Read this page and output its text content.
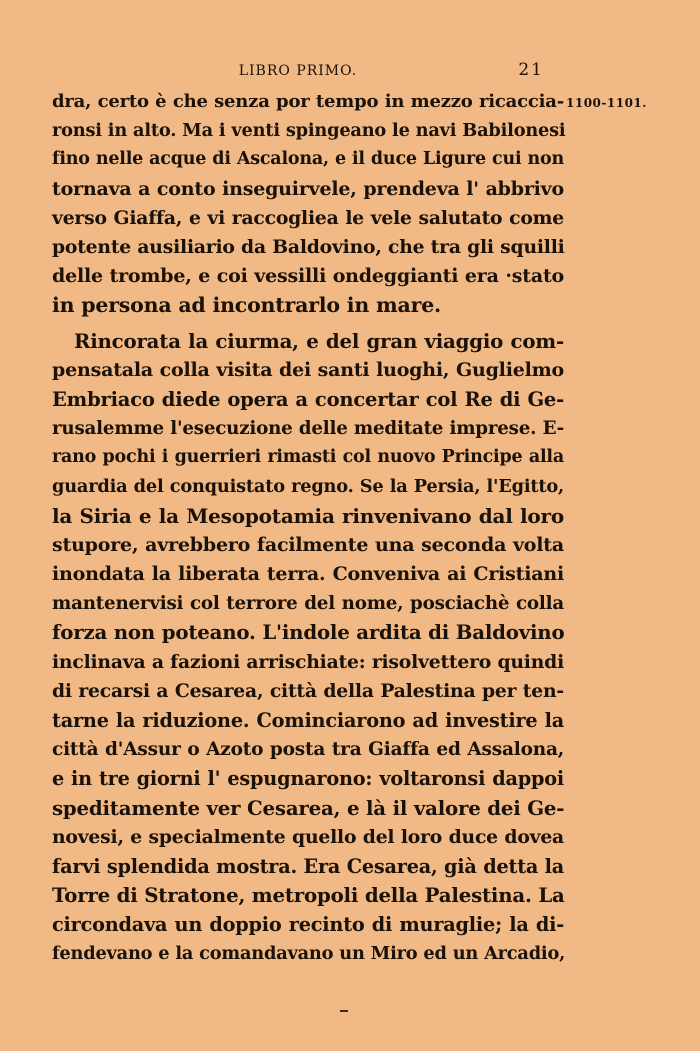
LIBRO PRIMO.	21
1100-1101.
dra, certo è che senza por tempo in mezzo ricaccia-
ronsi in alto. Ma i venti spingeano le navi Babilonesi
fino nelle acque di Ascalona, e il duce Ligure cui non
tornava a conto inseguirvele, prendeva l' abbrivo
verso Giaffa, e vi raccogliea le vele salutato come
potente ausiliario da Baldovino, che tra gli squilli
delle trombe, e coi vessilli ondeggianti era ·stato
in persona ad incontrarlo in mare.
Rincorata la ciurma, e del gran viaggio com-
pensatala colla visita dei santi luoghi, Guglielmo
Embriaco diede opera a concertar col Re di Ge-
rusalemme l'esecuzione delle meditate imprese. E-
rano pochi i guerrieri rimasti col nuovo Principe alla
guardia del conquistato regno. Se la Persia, l'Egitto,
la Siria e la Mesopotamia rinvenivano dal loro
stupore, avrebbero facilmente una seconda volta
inondata la liberata terra. Conveniva ai Cristiani
mantenervisi col terrore del nome, posciachè colla
forza non poteano. L'indole ardita di Baldovino
inclinava a fazioni arrischiate: risolvettero quindi
di recarsi a Cesarea, città della Palestina per ten-
tarne la riduzione. Cominciarono ad investire la
città d'Assur o Azoto posta tra Giaffa ed Assalona,
e in tre giorni l' espugnarono: voltaronsi dappoi
speditamente ver Cesarea, e là il valore dei Ge-
novesi, e specialmente quello del loro duce dovea
farvi splendida mostra. Era Cesarea, già detta la
Torre di Stratone, metropoli della Palestina. La
circondava un doppio recinto di muraglie; la di-
fendevano e la comandavano un Miro ed un Arcadio,
